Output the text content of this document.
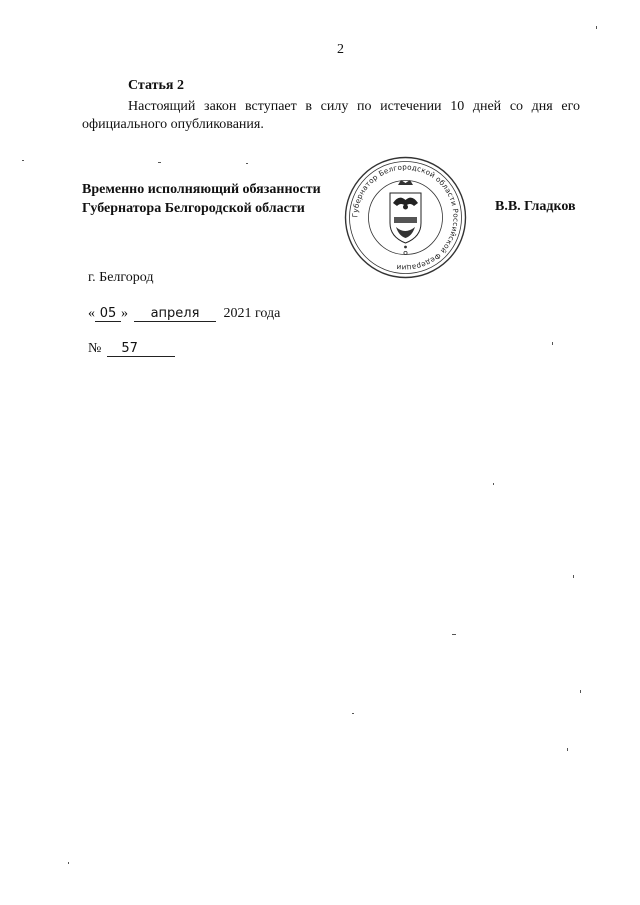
2
Статья 2
Настоящий закон вступает в силу по истечении 10 дней со дня его официального опубликования.
Временно исполняющий обязанности
Губернатора Белгородской области	Губернатор Белгородской области Российской Федерации
В.В. Гладков
г. Белгород
« 05 » апреля 2021 года
№ 57
